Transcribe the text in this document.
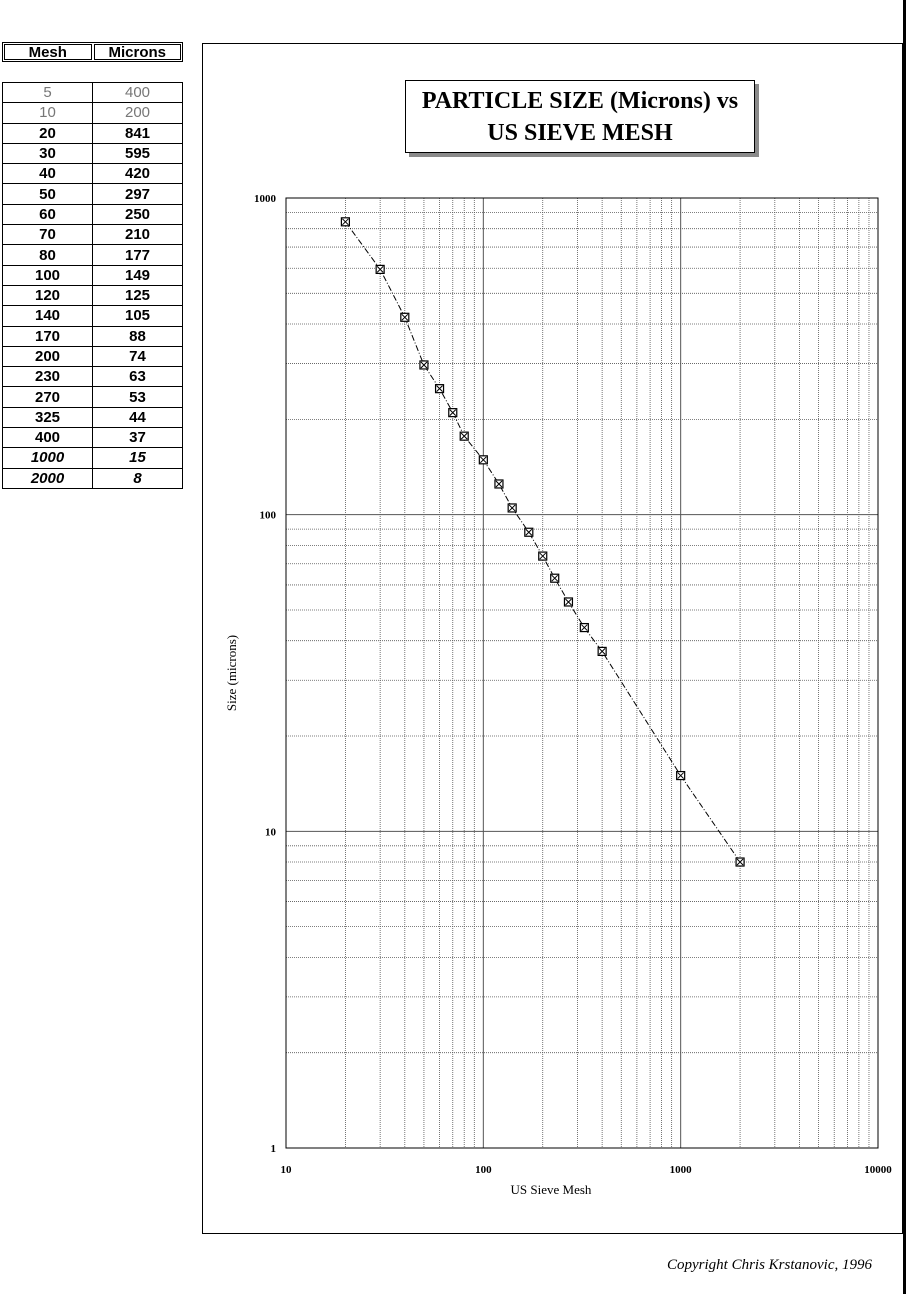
Mesh	Microns
5	400
10	200
20	841
30	595
40	420
50	297
60	250
70	210
80	177
100	149
120	125
140	105
170	88
200	74
230	63
270	53
325	44
400	37
1000	15
2000	8
PARTICLE SIZE (Microns) vs US SIEVE MESH
10	100	1000	10000
1
10
100
1000
US Sieve Mesh
Size (microns)
Copyright Chris Krstanovic, 1996
